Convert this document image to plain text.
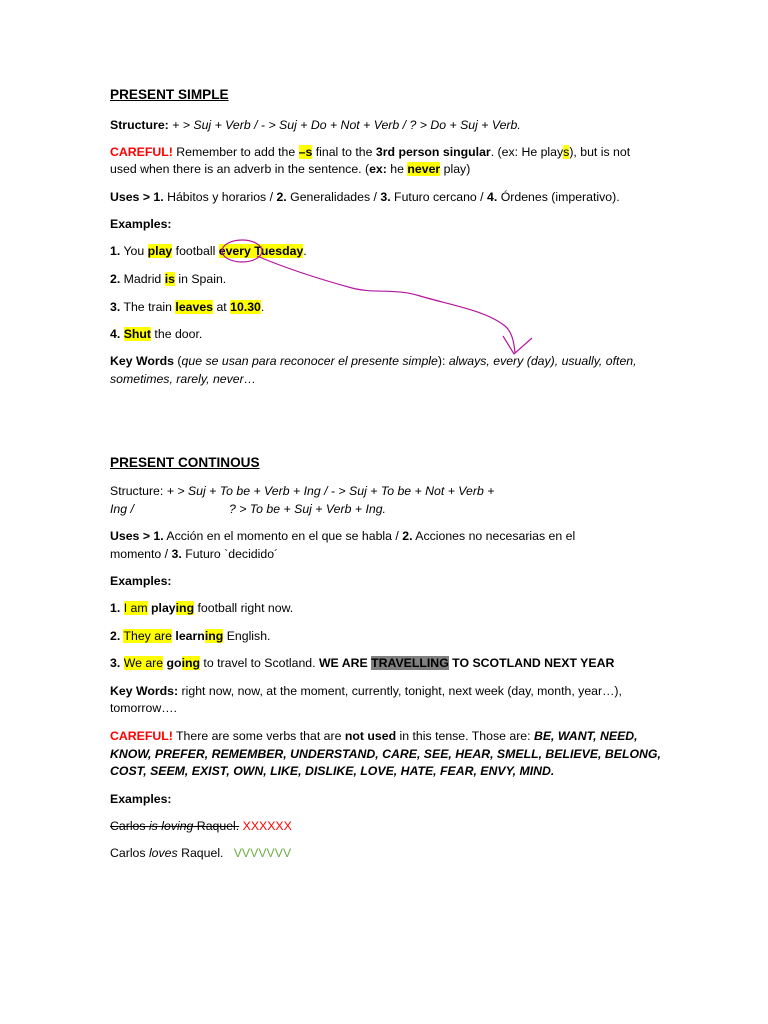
PRESENT SIMPLE
Structure: + > Suj + Verb / - > Suj + Do + Not + Verb / ? > Do + Suj + Verb.
CAREFUL! Remember to add the –s final to the 3rd person singular. (ex: He plays), but is not
used when there is an adverb in the sentence. (ex: he never play)
Uses > 1. Hábitos y horarios / 2. Generalidades / 3. Futuro cercano / 4. Órdenes (imperativo).
Examples:
1. You play football every Tuesday.
2. Madrid is in Spain.
3. The train leaves at 10.30.
4. Shut the door.
Key Words (que se usan para reconocer el presente simple): always, every (day), usually, often,
sometimes, rarely, never…
PRESENT CONTINOUS
Structure: + > Suj + To be + Verb + Ing / - > Suj + To be + Not + Verb +
Ing /	? > To be + Suj + Verb + Ing.
Uses > 1. Acción en el momento en el que se habla / 2. Acciones no necesarias en el
momento / 3. Futuro `decidido´
Examples:
1. I am playing football right now.
2. They are learning English.
3. We are going to travel to Scotland. WE ARE TRAVELLING TO SCOTLAND NEXT YEAR
Key Words: right now, now, at the moment, currently, tonight, next week (day, month, year…),
tomorrow….
CAREFUL! There are some verbs that are not used in this tense. Those are: BE, WANT, NEED,
KNOW, PREFER, REMEMBER, UNDERSTAND, CARE, SEE, HEAR, SMELL, BELIEVE, BELONG,
COST, SEEM, EXIST, OWN, LIKE, DISLIKE, LOVE, HATE, FEAR, ENVY, MIND.
Examples:
Carlos is loving Raquel. XXXXXX
Carlos loves Raquel.   VVVVVVV
